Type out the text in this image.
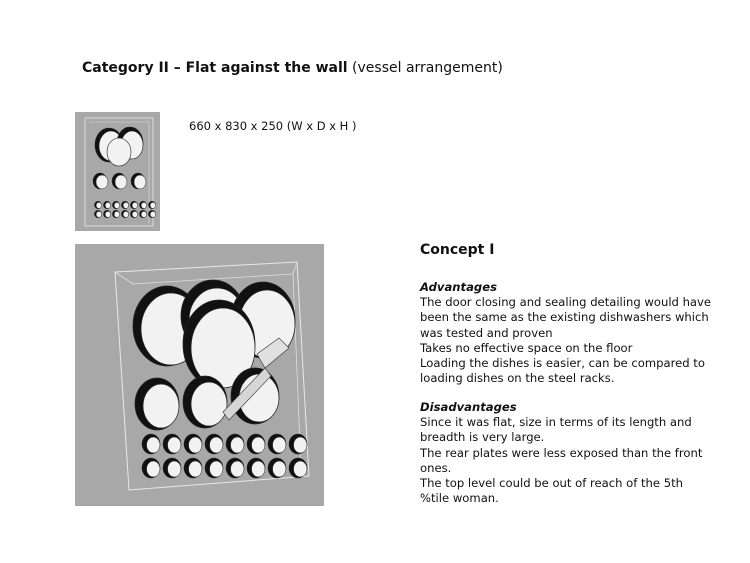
Category II – Flat against the wall (vessel arrangement)
660 x 830 x 250 (W x D x H )
Concept I
Advantages
The door closing and sealing detailing would have
been the same as the existing dishwashers which
was tested and proven
Takes no effective space on the floor
Loading the dishes is easier, can be compared to
loading dishes on the steel racks.
Disadvantages
Since it was flat, size in terms of its length and
breadth is very large.
The rear plates were less exposed than the front
ones.
The top level could be out of reach of the 5th
%tile woman.
